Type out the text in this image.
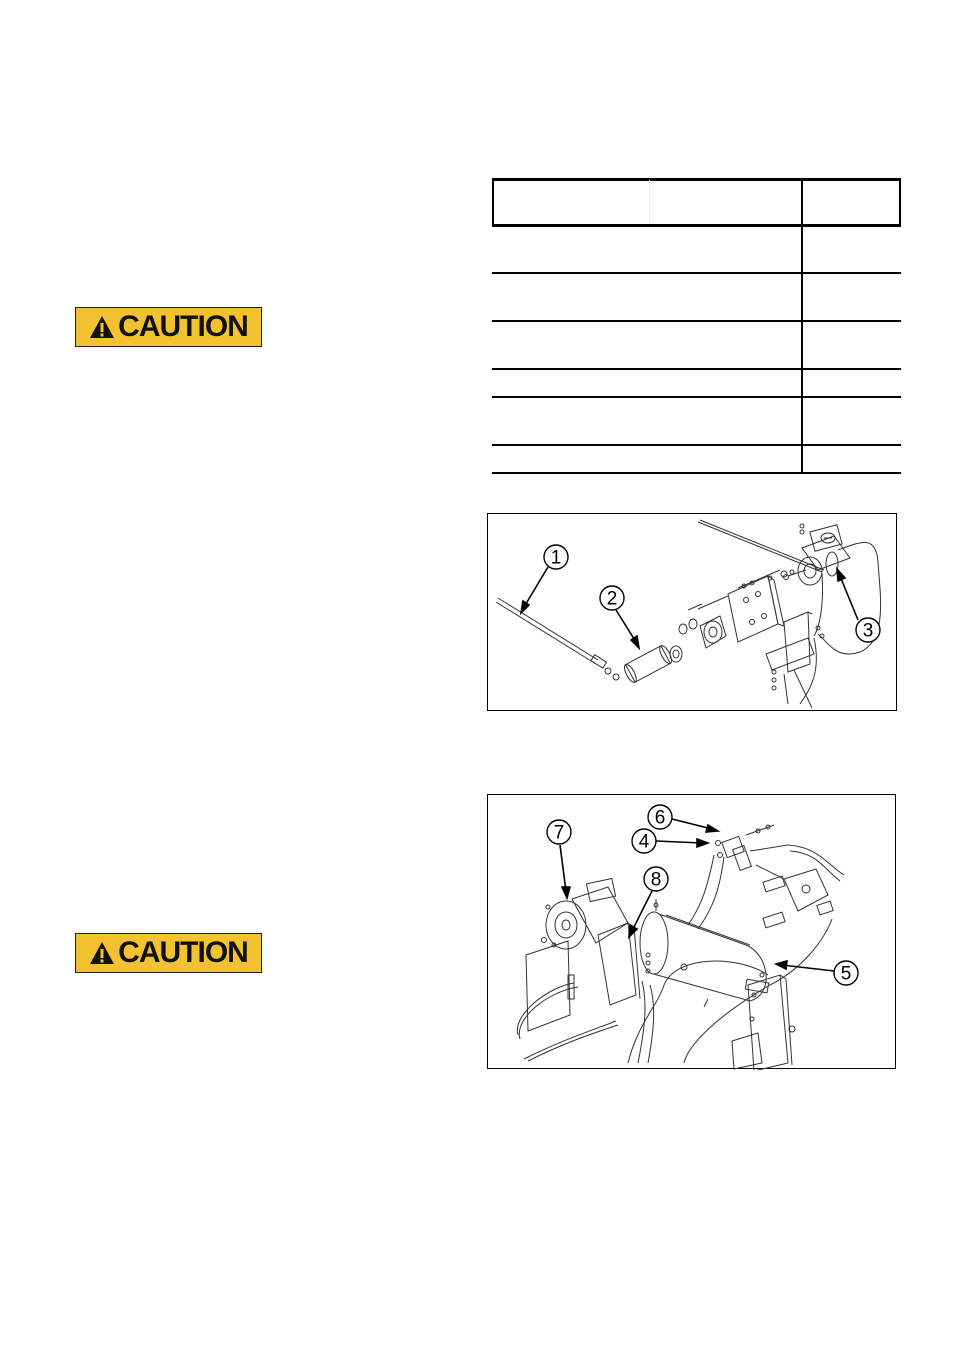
CAUTION
CAUTION
1
2
3
6
4
7
8
5
